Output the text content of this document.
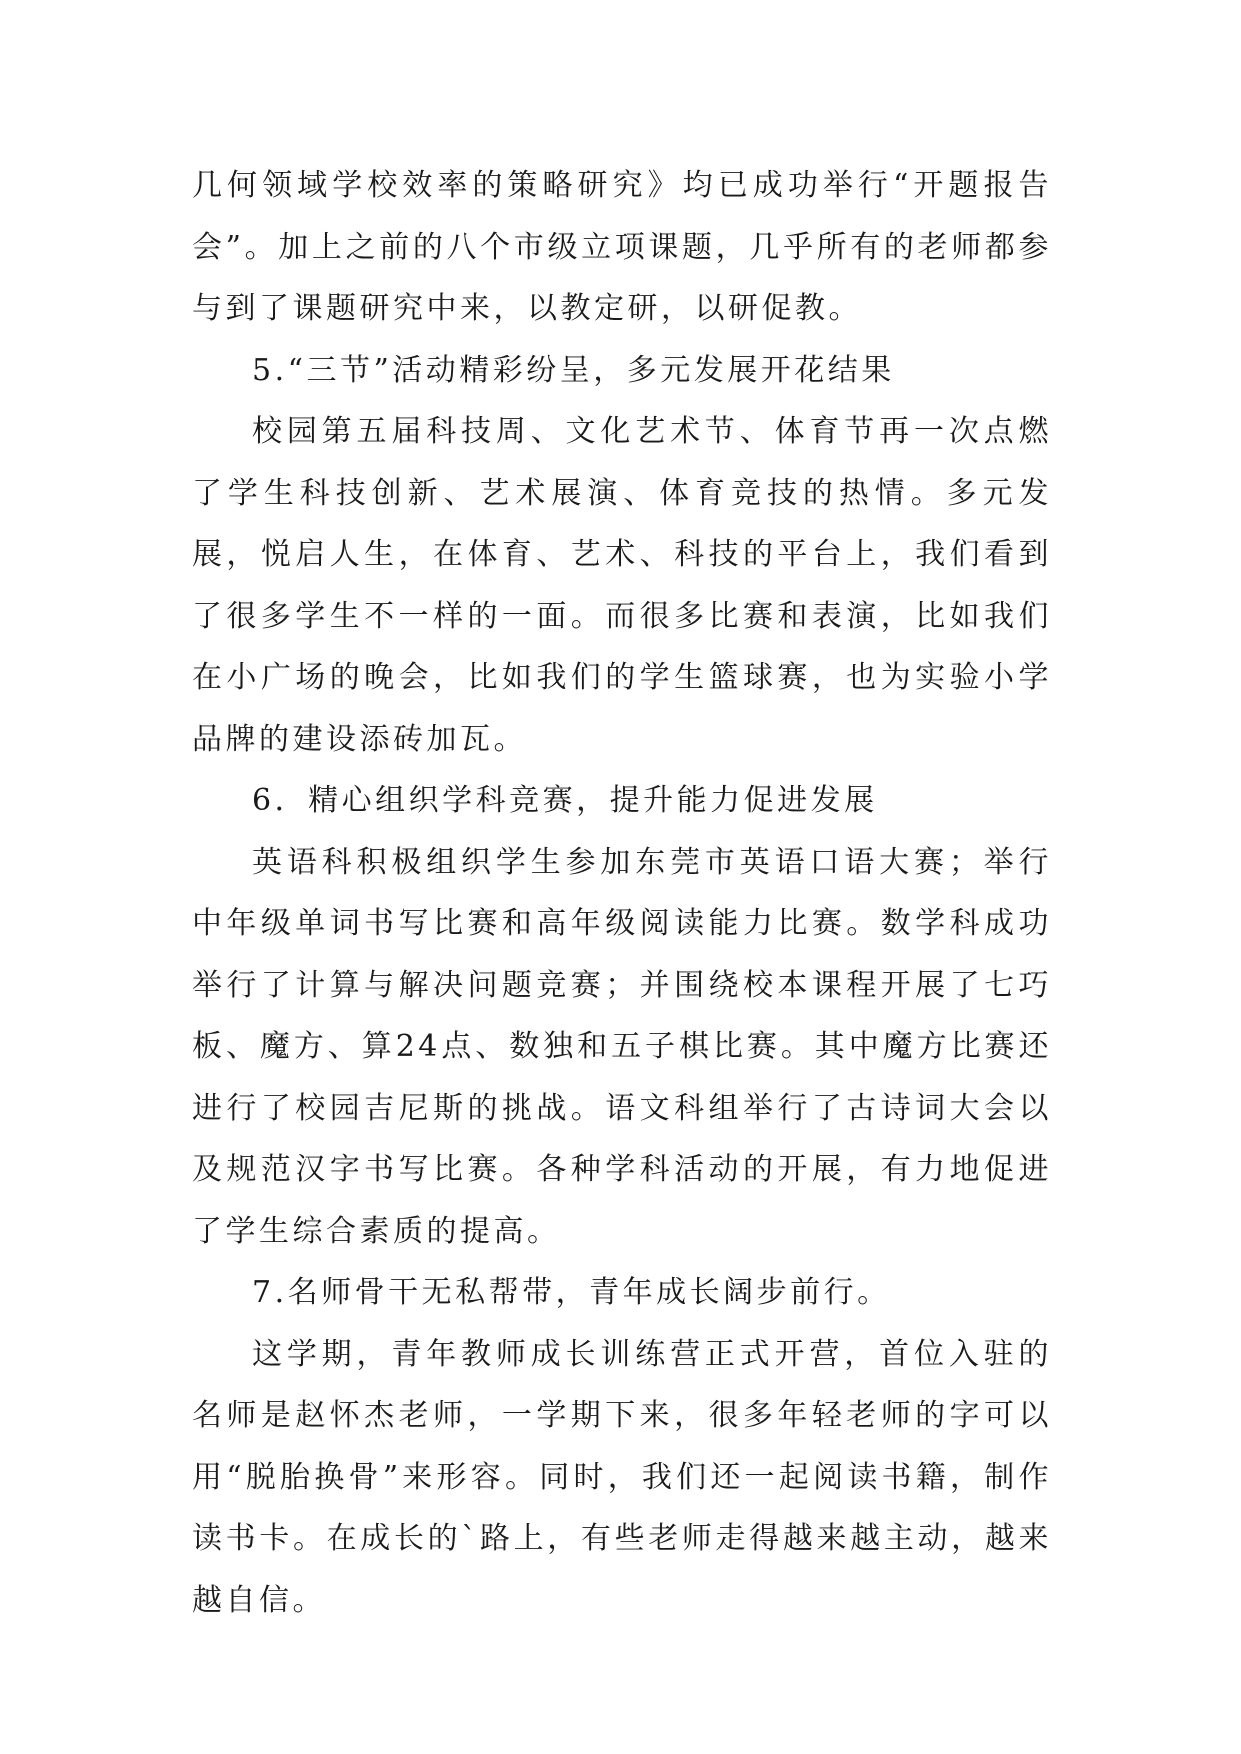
几何领域学校效率的策略研究》均已成功举行“开题报告会”。加上之前的八个市级立项课题，几乎所有的老师都参与到了课题研究中来，以教定研，以研促教。

5.“三节”活动精彩纷呈，多元发展开花结果

校园第五届科技周、文化艺术节、体育节再一次点燃了学生科技创新、艺术展演、体育竞技的热情。多元发展，悦启人生，在体育、艺术、科技的平台上，我们看到了很多学生不一样的一面。而很多比赛和表演，比如我们在小广场的晚会，比如我们的学生篮球赛，也为实验小学品牌的建设添砖加瓦。

6．精心组织学科竞赛，提升能力促进发展

英语科积极组织学生参加东莞市英语口语大赛；举行中年级单词书写比赛和高年级阅读能力比赛。数学科成功举行了计算与解决问题竞赛；并围绕校本课程开展了七巧板、魔方、算24点、数独和五子棋比赛。其中魔方比赛还进行了校园吉尼斯的挑战。语文科组举行了古诗词大会以及规范汉字书写比赛。各种学科活动的开展，有力地促进了学生综合素质的提高。

7.名师骨干无私帮带，青年成长阔步前行。

这学期，青年教师成长训练营正式开营，首位入驻的名师是赵怀杰老师，一学期下来，很多年轻老师的字可以用“脱胎换骨”来形容。同时，我们还一起阅读书籍，制作读书卡。在成长的`路上，有些老师走得越来越主动，越来越自信。
